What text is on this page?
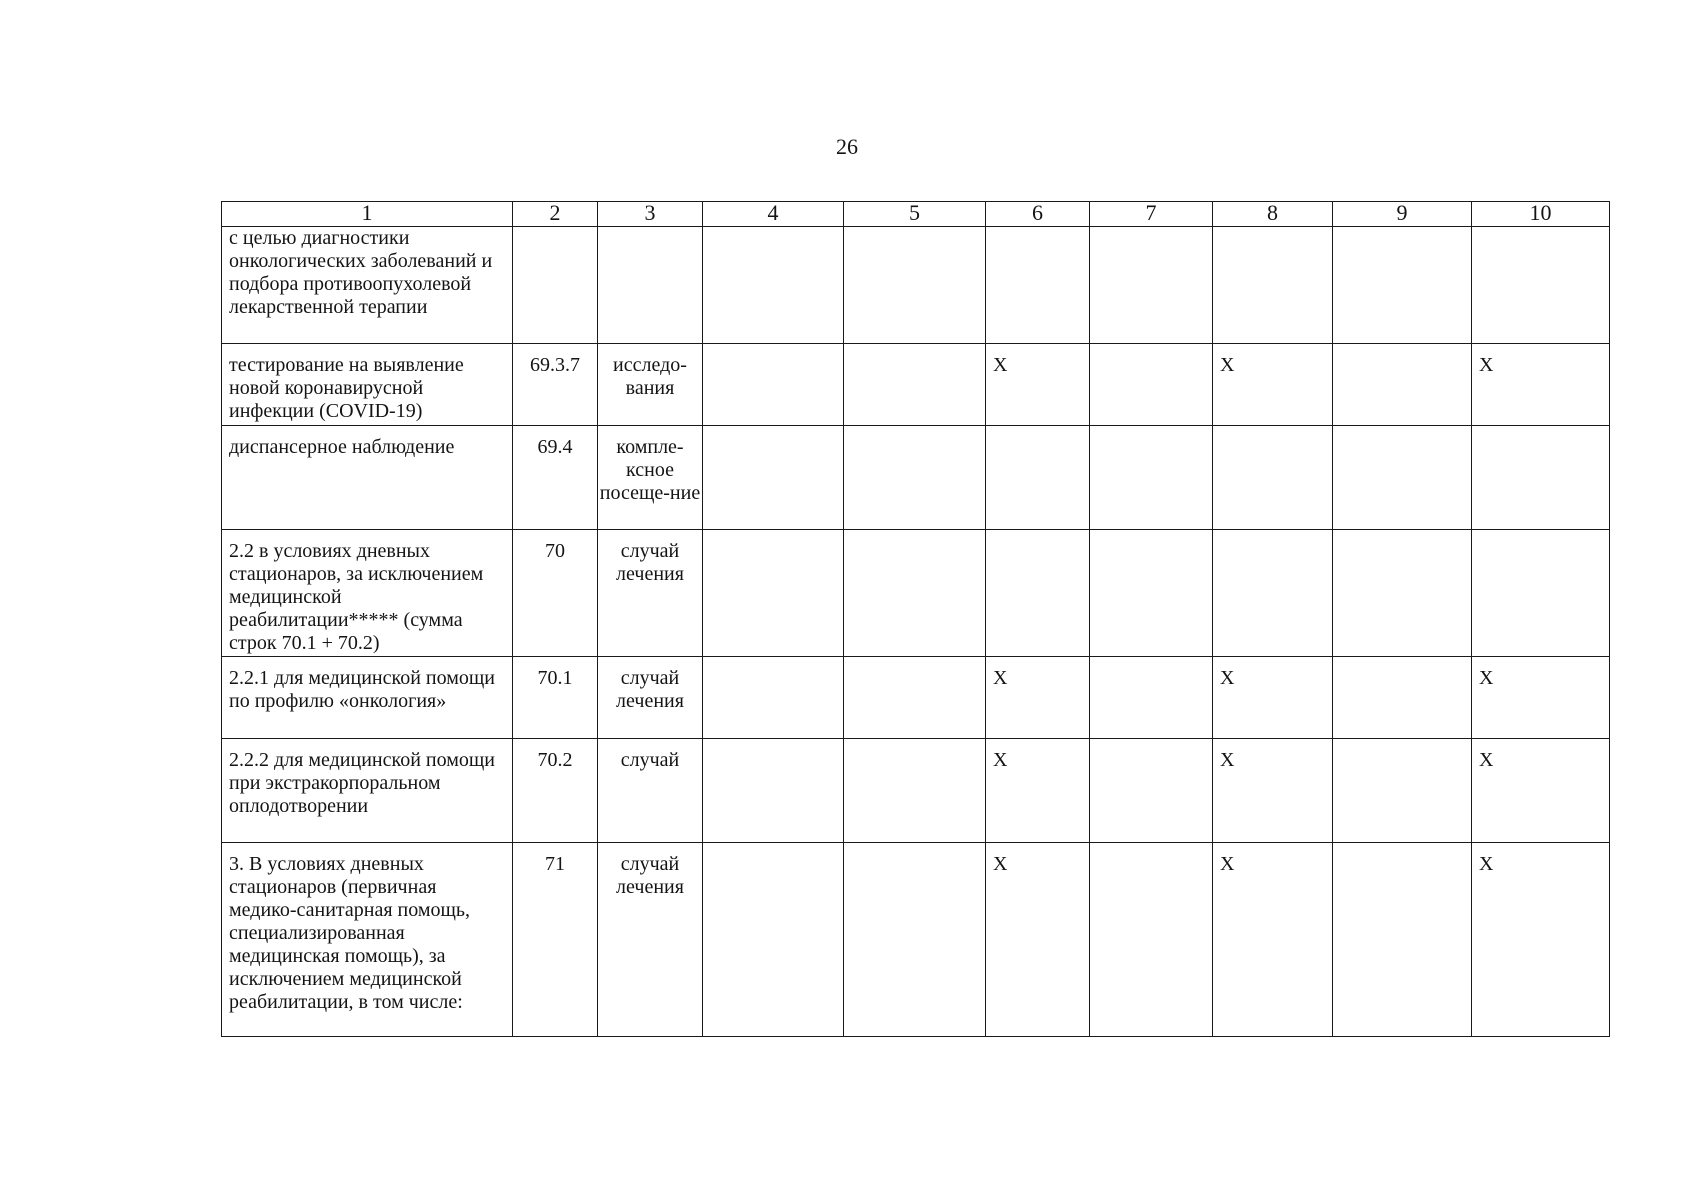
26
1	2	3	4	5	6	7	8	9	10
с целью диагностики онкологических заболеваний и подбора противоопухолевой лекарственной терапии									
тестирование на выявление новой коронавирусной инфекции (COVID-19)	69.3.7	исследо-вания			X		X		X
диспансерное наблюдение	69.4	компле-ксное посеще-ние							
2.2 в условиях дневных стационаров, за исключением медицинской реабилитации***** (сумма строк 70.1 + 70.2)	70	случай лечения							
2.2.1 для медицинской помощи по профилю «онкология»	70.1	случай лечения			X		X		X
2.2.2 для медицинской помощи при экстракорпоральном оплодотворении	70.2	случай			X		X		X
3. В условиях дневных стационаров (первичная медико-санитарная помощь, специализированная медицинская помощь), за исключением медицинской реабилитации, в том числе:	71	случай лечения			X		X		X
